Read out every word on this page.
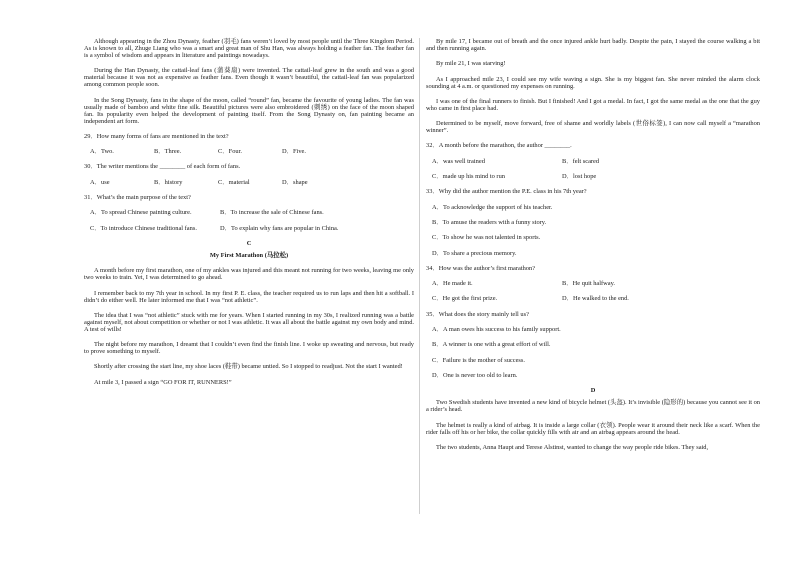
Although appearing in the Zhou Dynasty, feather (羽毛) fans weren’t loved by most people until the Three Kingdom Period. As is known to all, Zhuge Liang who was a smart and great man of Shu Han, was always holding a feather fan. The feather fan is a symbol of wisdom and appears in literature and paintings nowadays.

During the Han Dynasty, the cattail-leaf fans (蒲葵扇) were invented. The cattail-leaf grew in the south and was a good material because it was not as expensive as feather fans. Even though it wasn’t beautiful, the cattail-leaf fan was popularized among common people soon.

In the Song Dynasty, fans in the shape of the moon, called “round” fan, became the favourite of young ladies. The fan was usually made of bamboo and white fine silk. Beautiful pictures were also embroidered (刺绣) on the face of the moon shaped fan. Its popularity even helped the development of painting itself. From the Song Dynasty on, fan painting became an independent art form.

29．How many forms of fans are mentioned in the text?

A．Two.	B．Three.	C．Four.	D．Five.

30．The writer mentions the ________ of each form of fans.

A．use	B．history	C．material	D．shape

31．What’s the main purpose of the text?

A．To spread Chinese painting culture.	B．To increase the sale of Chinese fans.
C．To introduce Chinese traditional fans.	D．To explain why fans are popular in China.
C
My First Marathon (马拉松)

A month before my first marathon, one of my ankles was injured and this meant not running for two weeks, leaving me only two weeks to train. Yet, I was determined to go ahead.

I remember back to my 7th year in school. In my first P. E. class, the teacher required us to run laps and then hit a softball. I didn’t do either well. He later informed me that I was “not athletic”.

The idea that I was “not athletic” stuck with me for years. When I started running in my 30s, I realized running was a battle against myself, not about competition or whether or not I was athletic. It was all about the battle against my own body and mind. A test of wills!

The night before my marathon, I dreamt that I couldn’t even find the finish line. I woke up sweating and nervous, but ready to prove something to myself.

Shortly after crossing the start line, my shoe laces (鞋带) became untied. So I stopped to readjust. Not the start I wanted!

At mile 3, I passed a sign “GO FOR IT, RUNNERS!”

By mile 17, I became out of breath and the once injured ankle hurt badly. Despite the pain, I stayed the course walking a bit and then running again.

By mile 21, I was starving!

As I approached mile 23, I could see my wife waving a sign. She is my biggest fan. She never minded the alarm clock sounding at 4 a.m. or questioned my expenses on running.

I was one of the final runners to finish. But I finished! And I got a medal. In fact, I got the same medal as the one that the guy who came in first place had.

Determined to be myself, move forward, free of shame and worldly labels (世俗标签), I can now call myself a “marathon winner”.

32．A month before the marathon, the author ________.

A．was well trained	B．felt scared
C．made up his mind to run	D．lost hope

33．Why did the author mention the P.E. class in his 7th year?

A．To acknowledge the support of his teacher.

B．To amuse the readers with a funny story.

C．To show he was not talented in sports.

D．To share a precious memory.

34．How was the author’s first marathon?

A．He made it.	B．He quit halfway.
C．He got the first prize.	D．He walked to the end.

35．What does the story mainly tell us?

A．A man owes his success to his family support.

B．A winner is one with a great effort of will.

C．Failure is the mother of success.

D．One is never too old to learn.

D

Two Swedish students have invented a new kind of bicycle helmet (头盔). It’s invisible (隐形的) because you cannot see it on a rider’s head.

The helmet is really a kind of airbag. It is inside a large collar (衣领). People wear it around their neck like a scarf. When the rider falls off his or her bike, the collar quickly fills with air and an airbag appears around the head.

The two students, Anna Haupt and Terese Alstinst, wanted to change the way people ride bikes. They said,
